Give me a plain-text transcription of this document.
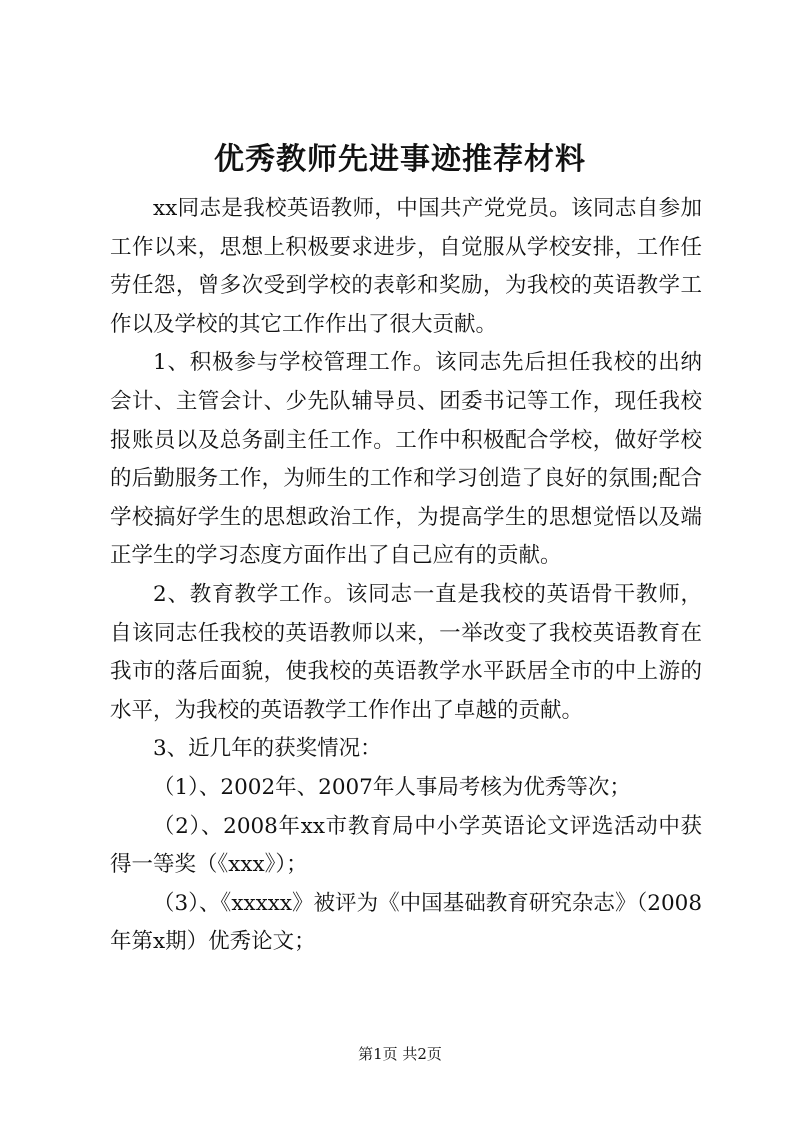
优秀教师先进事迹推荐材料

xx同志是我校英语教师，中国共产党党员。该同志自参加工作以来，思想上积极要求进步，自觉服从学校安排，工作任劳任怨，曾多次受到学校的表彰和奖励，为我校的英语教学工作以及学校的其它工作作出了很大贡献。

1、积极参与学校管理工作。该同志先后担任我校的出纳会计、主管会计、少先队辅导员、团委书记等工作，现任我校报账员以及总务副主任工作。工作中积极配合学校，做好学校的后勤服务工作，为师生的工作和学习创造了良好的氛围;配合学校搞好学生的思想政治工作，为提高学生的思想觉悟以及端正学生的学习态度方面作出了自己应有的贡献。

2、教育教学工作。该同志一直是我校的英语骨干教师，自该同志任我校的英语教师以来，一举改变了我校英语教育在我市的落后面貌，使我校的英语教学水平跃居全市的中上游的水平，为我校的英语教学工作作出了卓越的贡献。

3、近几年的获奖情况：

（1）、2002年、2007年人事局考核为优秀等次；

（2）、2008年xx市教育局中小学英语论文评选活动中获得一等奖（《xxx》）；

（3）、《xxxxx》被评为《中国基础教育研究杂志》（2008年第x期）优秀论文；

第1页 共2页
